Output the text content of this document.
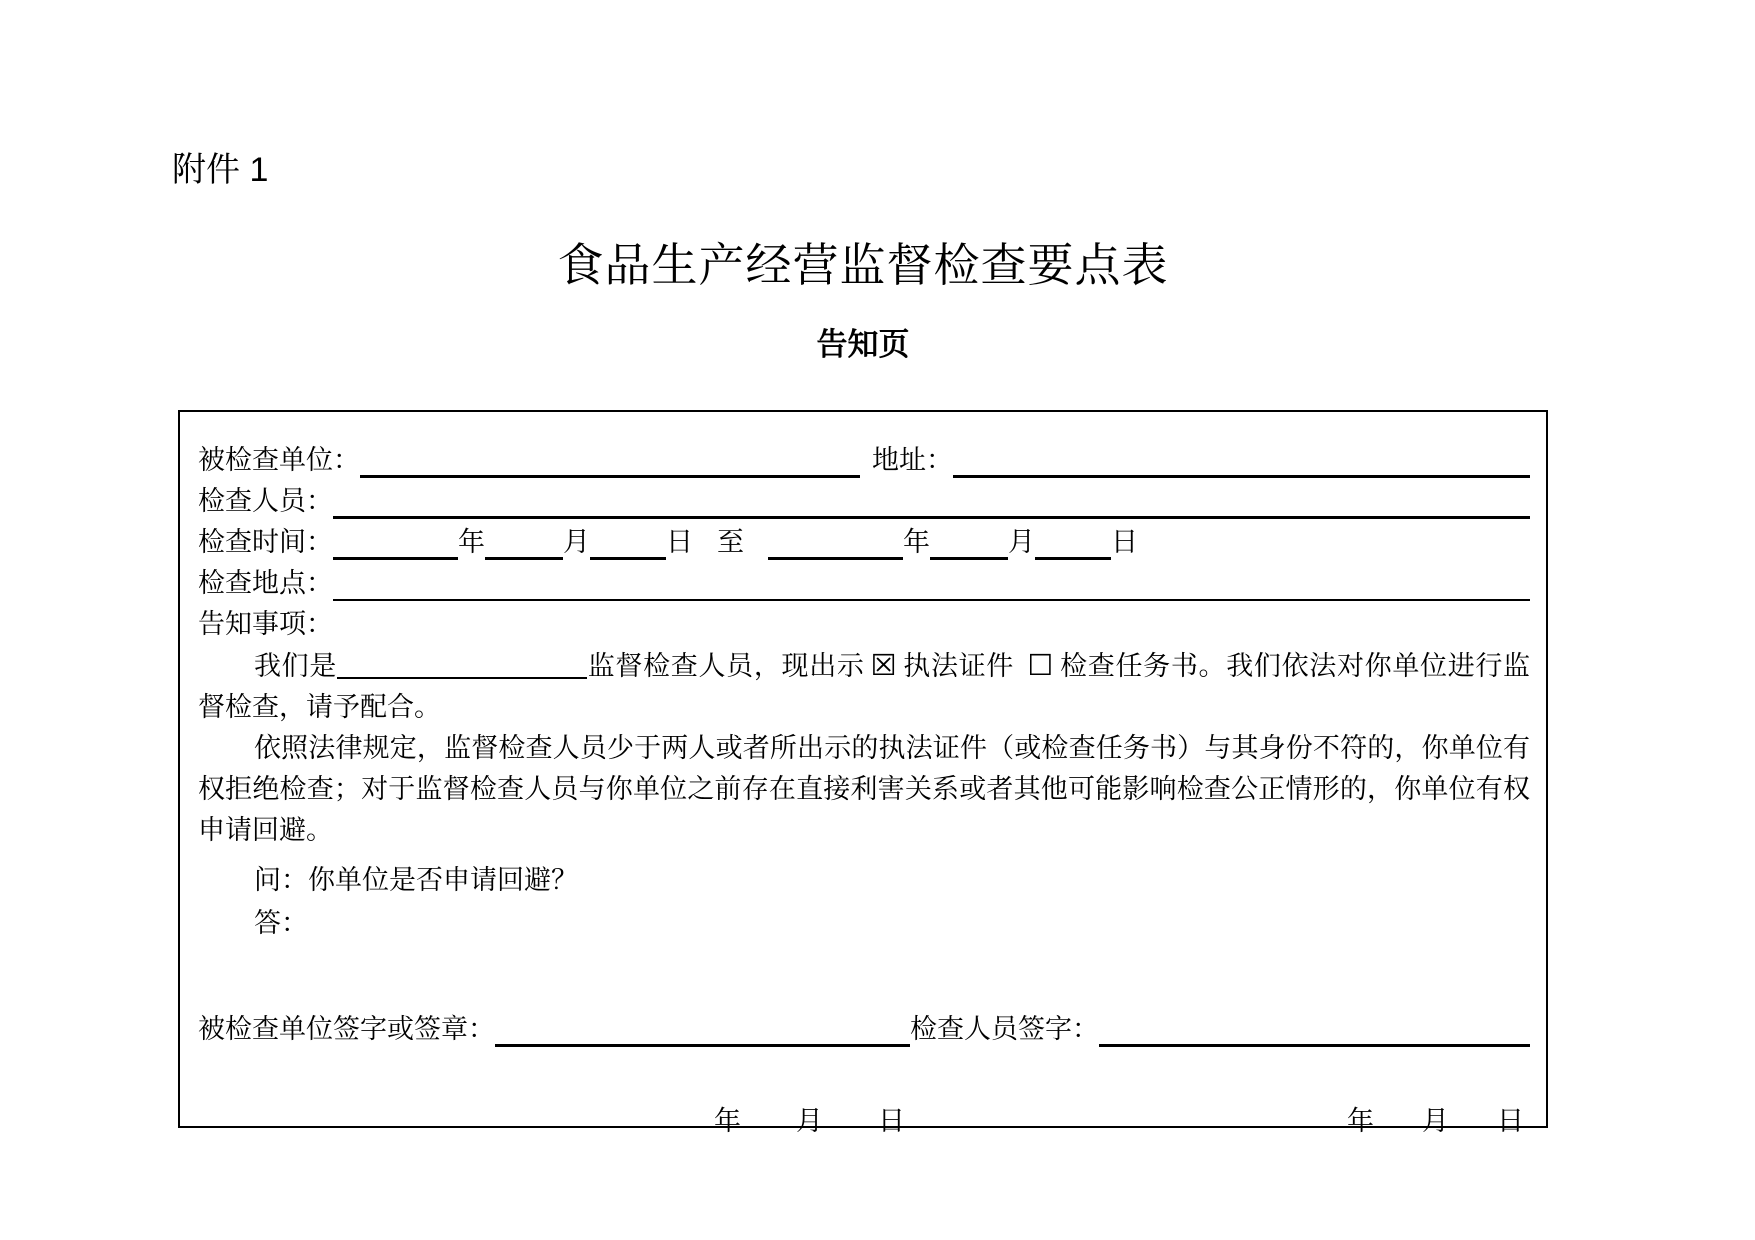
附件 1
食品生产经营监督检查要点表
告知页
被检查单位：	地址：
检查人员：
检查时间：	年	月	日 至	年	月	日
检查地点：
告知事项：
我们是	监督检查人员，现出示 ☒ 执法证件 ☐ 检查任务书。我们依法对你单位进行监督检查，请予配合。
依照法律规定，监督检查人员少于两人或者所出示的执法证件（或检查任务书）与其身份不符的，你单位有权拒绝检查；对于监督检查人员与你单位之前存在直接利害关系或者其他可能影响检查公正情形的，你单位有权申请回避。
问：你单位是否申请回避？
答：
被检查单位签字或签章：	检查人员签字：
年 月 日	年 月 日
